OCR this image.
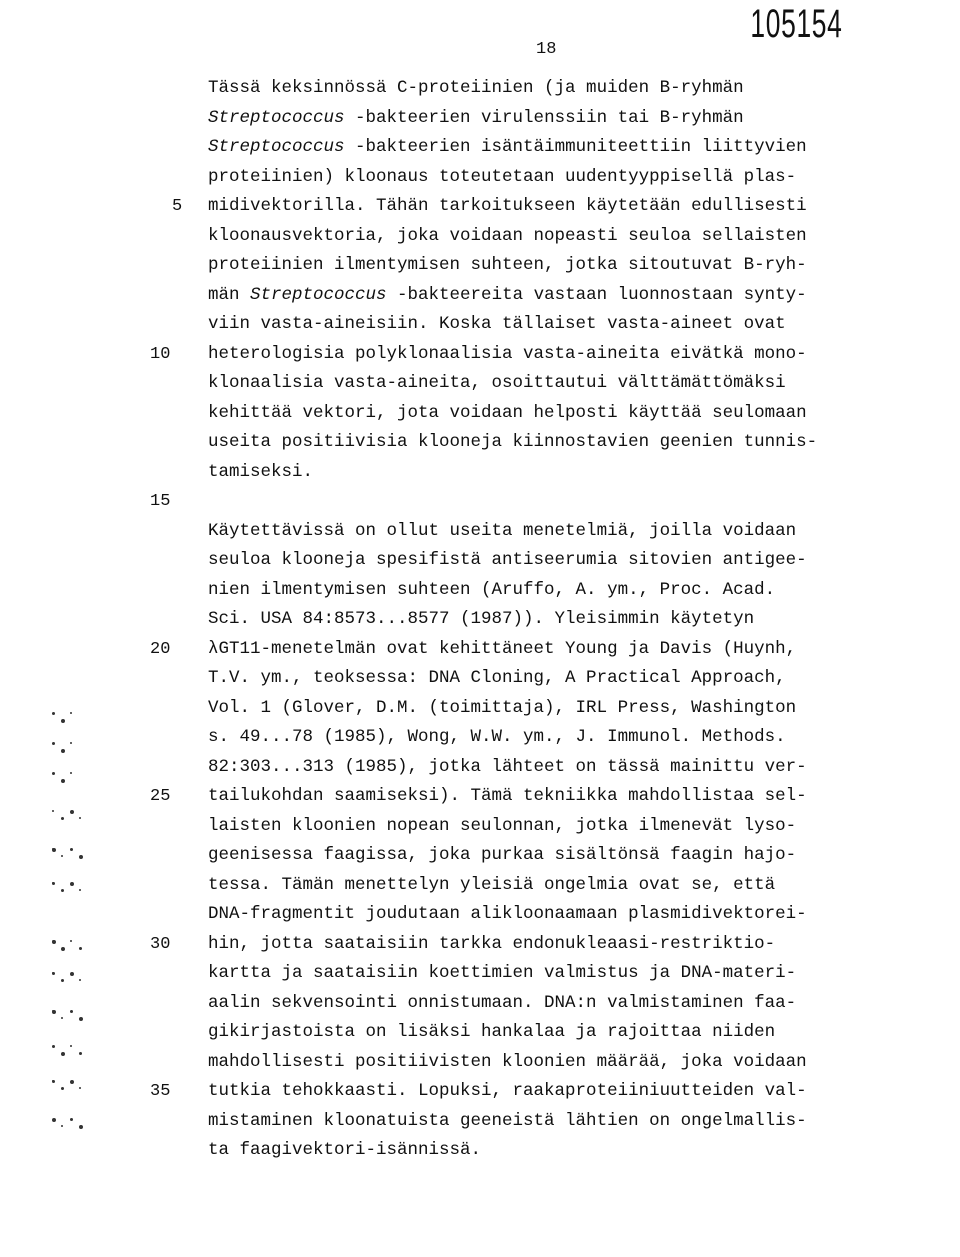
105154
18
5
10
15
20
25
30
35
Tässä keksinnössä C-proteiinien (ja muiden B-ryhmän
Streptococcus -bakteerien virulenssiin tai B-ryhmän
Streptococcus -bakteerien isäntäimmuniteettiin liittyvien
proteiinien) kloonaus toteutetaan uudentyyppisellä plas-
midivektorilla. Tähän tarkoitukseen käytetään edullisesti
kloonausvektoria, joka voidaan nopeasti seuloa sellaisten
proteiinien ilmentymisen suhteen, jotka sitoutuvat B-ryh-
män Streptococcus -bakteereita vastaan luonnostaan synty-
viin vasta-aineisiin. Koska tällaiset vasta-aineet ovat
heterologisia polyklonaalisia vasta-aineita eivätkä mono-
klonaalisia vasta-aineita, osoittautui välttämättömäksi
kehittää vektori, jota voidaan helposti käyttää seulomaan
useita positiivisia klooneja kiinnostavien geenien tunnis-
tamiseksi.
Käytettävissä on ollut useita menetelmiä, joilla voidaan
seuloa klooneja spesifistä antiseerumia sitovien antigee-
nien ilmentymisen suhteen (Aruffo, A. ym., Proc. Acad.
Sci. USA 84:8573...8577 (1987)). Yleisimmin käytetyn
λGT11-menetelmän ovat kehittäneet Young ja Davis (Huynh,
T.V. ym., teoksessa: DNA Cloning, A Practical Approach,
Vol. 1 (Glover, D.M. (toimittaja), IRL Press, Washington
s. 49...78 (1985), Wong, W.W. ym., J. Immunol. Methods.
82:303...313 (1985), jotka lähteet on tässä mainittu ver-
tailukohdan saamiseksi). Tämä tekniikka mahdollistaa sel-
laisten kloonien nopean seulonnan, jotka ilmenevät lyso-
geenisessa faagissa, joka purkaa sisältönsä faagin hajo-
tessa. Tämän menettelyn yleisiä ongelmia ovat se, että
DNA-fragmentit joudutaan alikloonaamaan plasmidivektorei-
hin, jotta saataisiin tarkka endonukleaasi-restriktio-
kartta ja saataisiin koettimien valmistus ja DNA-materi-
aalin sekvensointi onnistumaan. DNA:n valmistaminen faa-
gikirjastoista on lisäksi hankalaa ja rajoittaa niiden
mahdollisesti positiivisten kloonien määrää, joka voidaan
tutkia tehokkaasti. Lopuksi, raakaproteiiniuutteiden val-
mistaminen kloonatuista geeneistä lähtien on ongelmallis-
ta faagivektori-isännissä.
